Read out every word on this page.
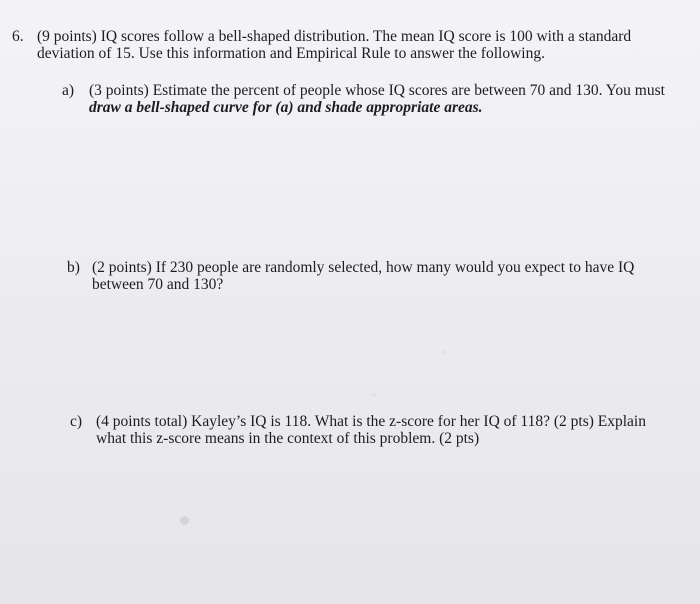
6. (9 points) IQ scores follow a bell-shaped distribution. The mean IQ score is 100 with a standard
deviation of 15. Use this information and Empirical Rule to answer the following.
a) (3 points) Estimate the percent of people whose IQ scores are between 70 and 130. You must
draw a bell-shaped curve for (a) and shade appropriate areas.
b) (2 points) If 230 people are randomly selected, how many would you expect to have IQ
between 70 and 130?
c) (4 points total) Kayley’s IQ is 118. What is the z-score for her IQ of 118? (2 pts) Explain
what this z-score means in the context of this problem. (2 pts)
